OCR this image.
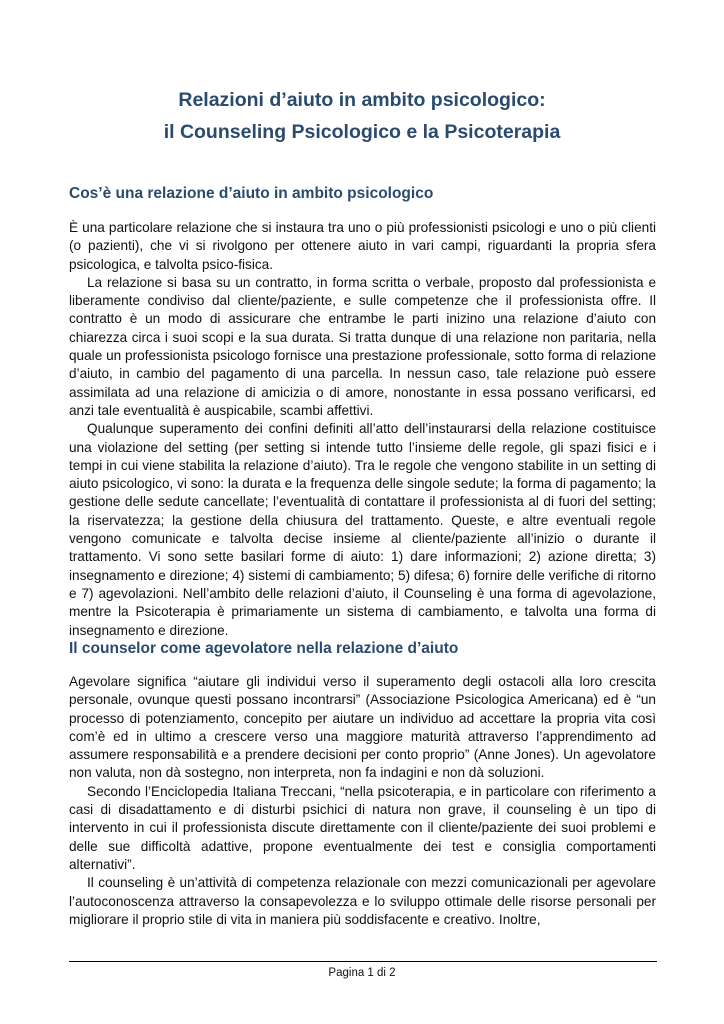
Relazioni d’aiuto in ambito psicologico:
il Counseling Psicologico e la Psicoterapia
Cos’è una relazione d’aiuto in ambito psicologico

È una particolare relazione che si instaura tra uno o più professionisti psicologi e uno o più clienti (o pazienti), che vi si rivolgono per ottenere aiuto in vari campi, riguardanti la propria sfera psicologica, e talvolta psico-fisica.

La relazione si basa su un contratto, in forma scritta o verbale, proposto dal professionista e liberamente condiviso dal cliente/paziente, e sulle competenze che il professionista offre. Il contratto è un modo di assicurare che entrambe le parti inizino una relazione d’aiuto con chiarezza circa i suoi scopi e la sua durata. Si tratta dunque di una relazione non paritaria, nella quale un professionista psicologo fornisce una prestazione professionale, sotto forma di relazione d’aiuto, in cambio del pagamento di una parcella. In nessun caso, tale relazione può essere assimilata ad una relazione di amicizia o di amore, nonostante in essa possano verificarsi, ed anzi tale eventualità è auspicabile, scambi affettivi.

Qualunque superamento dei confini definiti all’atto dell’instaurarsi della relazione costituisce una violazione del setting (per setting si intende tutto l’insieme delle regole, gli spazi fisici e i tempi in cui viene stabilita la relazione d’aiuto). Tra le regole che vengono stabilite in un setting di aiuto psicologico, vi sono: la durata e la frequenza delle singole sedute; la forma di pagamento; la gestione delle sedute cancellate; l’eventualità di contattare il professionista al di fuori del setting; la riservatezza; la gestione della chiusura del trattamento. Queste, e altre eventuali regole vengono comunicate e talvolta decise insieme al cliente/paziente all’inizio o durante il trattamento. Vi sono sette basilari forme di aiuto: 1) dare informazioni; 2) azione diretta; 3) insegnamento e direzione; 4) sistemi di cambiamento; 5) difesa; 6) fornire delle verifiche di ritorno e 7) agevolazioni. Nell’ambito delle relazioni d’aiuto, il Counseling è una forma di agevolazione, mentre la Psicoterapia è primariamente un sistema di cambiamento, e talvolta una forma di insegnamento e direzione.

Il counselor come agevolatore nella relazione d’aiuto

Agevolare significa “aiutare gli individui verso il superamento degli ostacoli alla loro crescita personale, ovunque questi possano incontrarsi” (Associazione Psicologica Americana) ed è “un processo di potenziamento, concepito per aiutare un individuo ad accettare la propria vita così com’è ed in ultimo a crescere verso una maggiore maturità attraverso l’apprendimento ad assumere responsabilità e a prendere decisioni per conto proprio” (Anne Jones). Un agevolatore non valuta, non dà sostegno, non interpreta, non fa indagini e non dà soluzioni.

Secondo l’Enciclopedia Italiana Treccani, “nella psicoterapia, e in particolare con riferimento a casi di disadattamento e di disturbi psichici di natura non grave, il counseling è un tipo di intervento in cui il professionista discute direttamente con il cliente/paziente dei suoi problemi e delle sue difficoltà adattive, propone eventualmente dei test e consiglia comportamenti alternativi”.

Il counseling è un’attività di competenza relazionale con mezzi comunicazionali per agevolare l’autoconoscenza attraverso la consapevolezza e lo sviluppo ottimale delle risorse personali per migliorare il proprio stile di vita in maniera più soddisfacente e creativo. Inoltre,

Pagina 1 di 2
